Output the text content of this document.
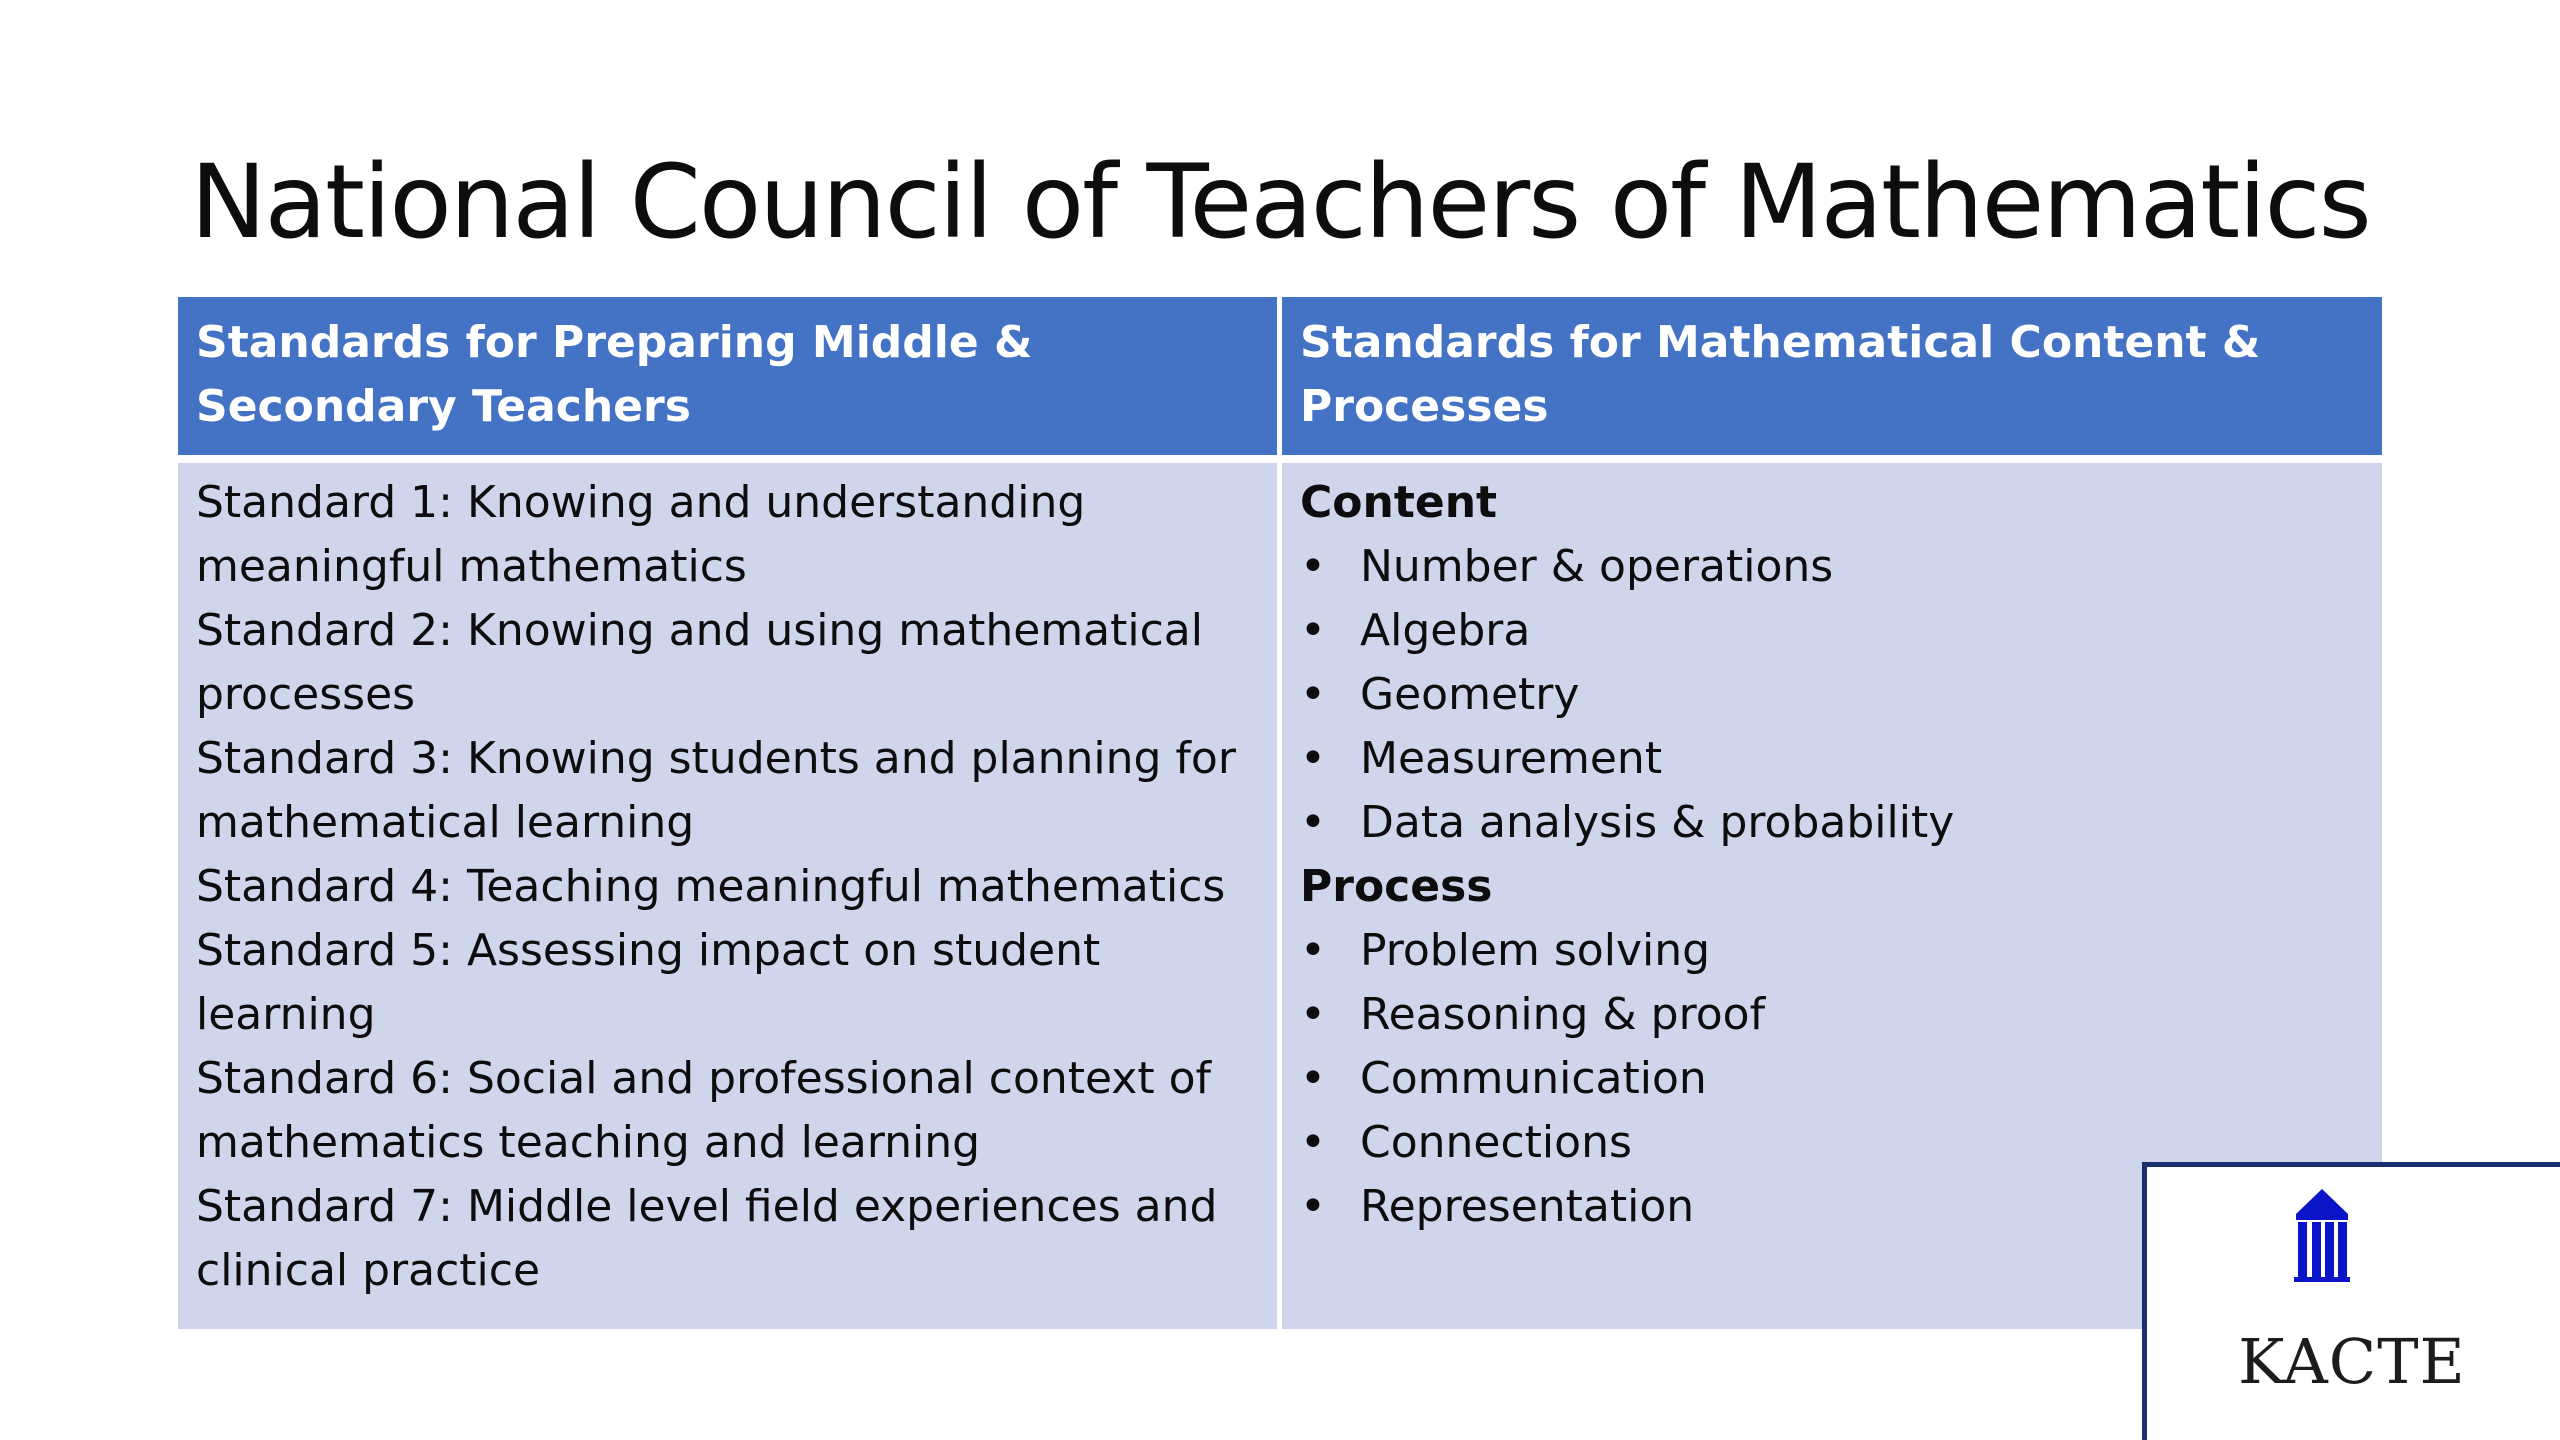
National Council of Teachers of Mathematics
Standards for Preparing Middle & Secondary Teachers
Standards for Mathematical Content & Processes

Standard 1: Knowing and understanding meaningful mathematics

Standard 2: Knowing and using mathematical processes

Standard 3: Knowing students and planning for mathematical learning

Standard 4: Teaching meaningful mathematics

Standard 5: Assessing impact on student learning

Standard 6: Social and professional context of mathematics teaching and learning

Standard 7: Middle level field experiences and clinical practice

Content

• Number & operations
• Algebra
• Geometry
• Measurement
• Data analysis & probability

Process

• Problem solving
• Reasoning & proof
• Communication
• Connections
• Representation
KACTE
